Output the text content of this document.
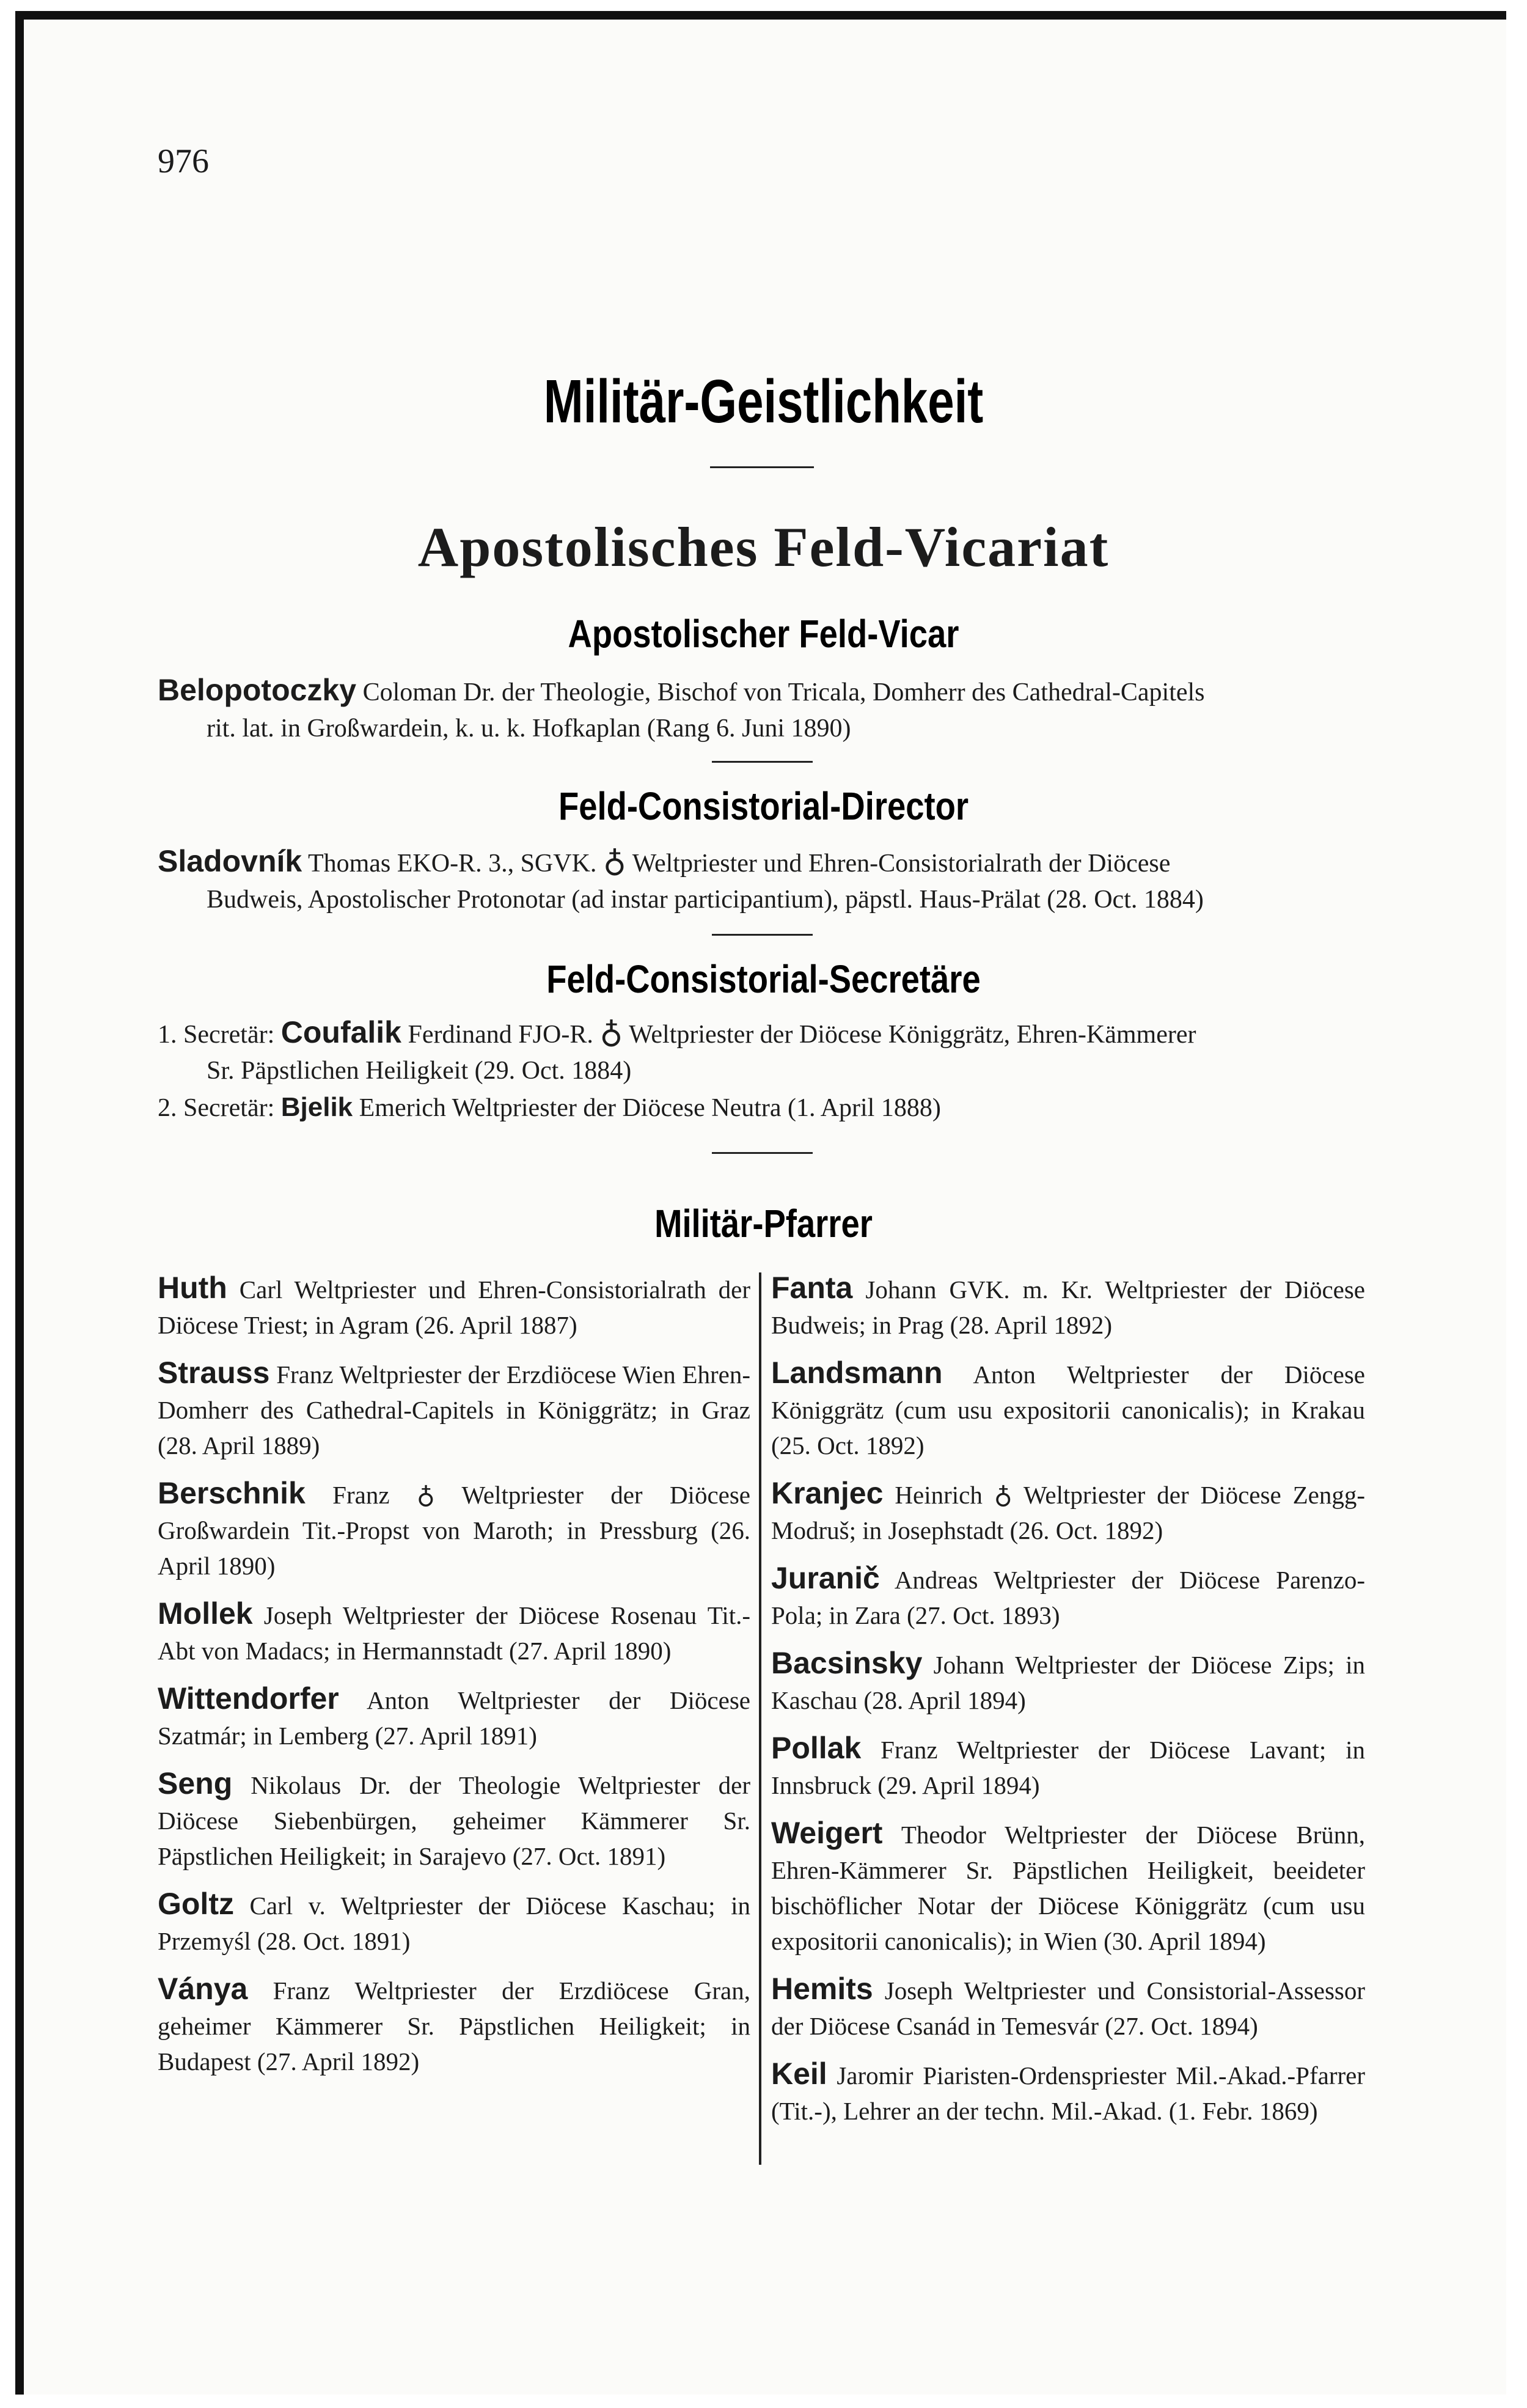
976
Militär-Geistlichkeit
Apostolisches Feld-Vicariat
Apostolischer Feld-Vicar
Belopotoczky Coloman Dr. der Theologie, Bischof von Tricala, Domherr des Cathedral-Capitels
rit. lat. in Großwardein, k. u. k. Hofkaplan (Rang 6. Juni 1890)
Feld-Consistorial-Director
Sladovník Thomas EKO-R. 3., SGVK. ♁ Weltpriester und Ehren-Consistorialrath der Diöcese
Budweis, Apostolischer Protonotar (ad instar participantium), päpstl. Haus-Prälat (28. Oct. 1884)
Feld-Consistorial-Secretäre
1. Secretär: Coufalik Ferdinand FJO-R. ♁ Weltpriester der Diöcese Königgrätz, Ehren-Kämmerer
Sr. Päpstlichen Heiligkeit (29. Oct. 1884)
2. Secretär: Bjelik Emerich Weltpriester der Diöcese Neutra (1. April 1888)
Militär-Pfarrer
Huth Carl Weltpriester und Ehren-Consistorialrath der Diöcese Triest; in Agram (26. April 1887)
Strauss Franz Weltpriester der Erzdiöcese Wien Ehren-Domherr des Cathedral-Capitels in Königgrätz; in Graz (28. April 1889)
Berschnik Franz ♁ Weltpriester der Diöcese Großwardein Tit.-Propst von Maroth; in Pressburg (26. April 1890)
Mollek Joseph Weltpriester der Diöcese Rosenau Tit.-Abt von Madacs; in Hermannstadt (27. April 1890)
Wittendorfer Anton Weltpriester der Diöcese Szatmár; in Lemberg (27. April 1891)
Seng Nikolaus Dr. der Theologie Weltpriester der Diöcese Siebenbürgen, geheimer Kämmerer Sr. Päpstlichen Heiligkeit; in Sarajevo (27. Oct. 1891)
Goltz Carl v. Weltpriester der Diöcese Kaschau; in Przemyśl (28. Oct. 1891)
Ványa Franz Weltpriester der Erzdiöcese Gran, geheimer Kämmerer Sr. Päpstlichen Heiligkeit; in Budapest (27. April 1892)
Fanta Johann GVK. m. Kr. Weltpriester der Diöcese Budweis; in Prag (28. April 1892)
Landsmann Anton Weltpriester der Diöcese Königgrätz (cum usu expositorii canonicalis); in Krakau (25. Oct. 1892)
Kranjec Heinrich ♁ Weltpriester der Diöcese Zengg-Modruš; in Josephstadt (26. Oct. 1892)
Juranič Andreas Weltpriester der Diöcese Parenzo-Pola; in Zara (27. Oct. 1893)
Bacsinsky Johann Weltpriester der Diöcese Zips; in Kaschau (28. April 1894)
Pollak Franz Weltpriester der Diöcese Lavant; in Innsbruck (29. April 1894)
Weigert Theodor Weltpriester der Diöcese Brünn, Ehren-Kämmerer Sr. Päpstlichen Heiligkeit, beeideter bischöflicher Notar der Diöcese Königgrätz (cum usu expositorii canonicalis); in Wien (30. April 1894)
Hemits Joseph Weltpriester und Consistorial-Assessor der Diöcese Csanád in Temesvár (27. Oct. 1894)
Keil Jaromir Piaristen-Ordenspriester Mil.-Akad.-Pfarrer (Tit.-), Lehrer an der techn. Mil.-Akad. (1. Febr. 1869)
